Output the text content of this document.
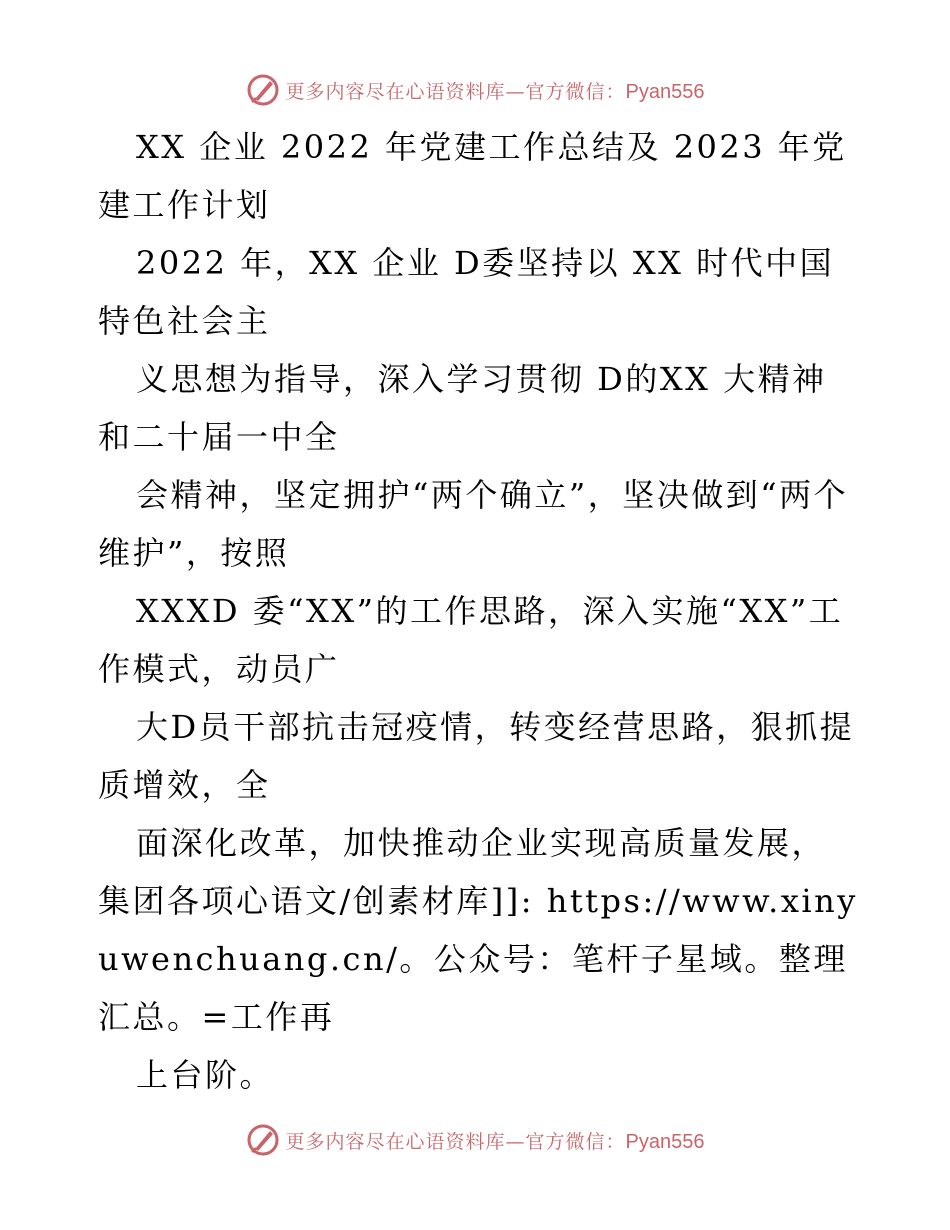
更多内容尽在心语资料库—官方微信：Pyan556

XX 企业 2022 年党建工作总结及 2023 年党建工作计划

2022 年，XX 企业 D委坚持以 XX 时代中国特色社会主

义思想为指导，深入学习贯彻 D的XX 大精神和二十届一中全

会精神，坚定拥护“两个确立”，坚决做到“两个维护”，按照

XXXD 委“XX”的工作思路，深入实施“XX”工作模式，动员广

大D员干部抗击冠疫情，转变经营思路，狠抓提质增效，全

面深化改革，加快推动企业实现高质量发展，集团各项心语文/创素材库]]: https://www.xinyuwenchuang.cn/。公众号：笔杆子星域。整理汇总。=工作再

上台阶。

更多内容尽在心语资料库—官方微信：Pyan556
